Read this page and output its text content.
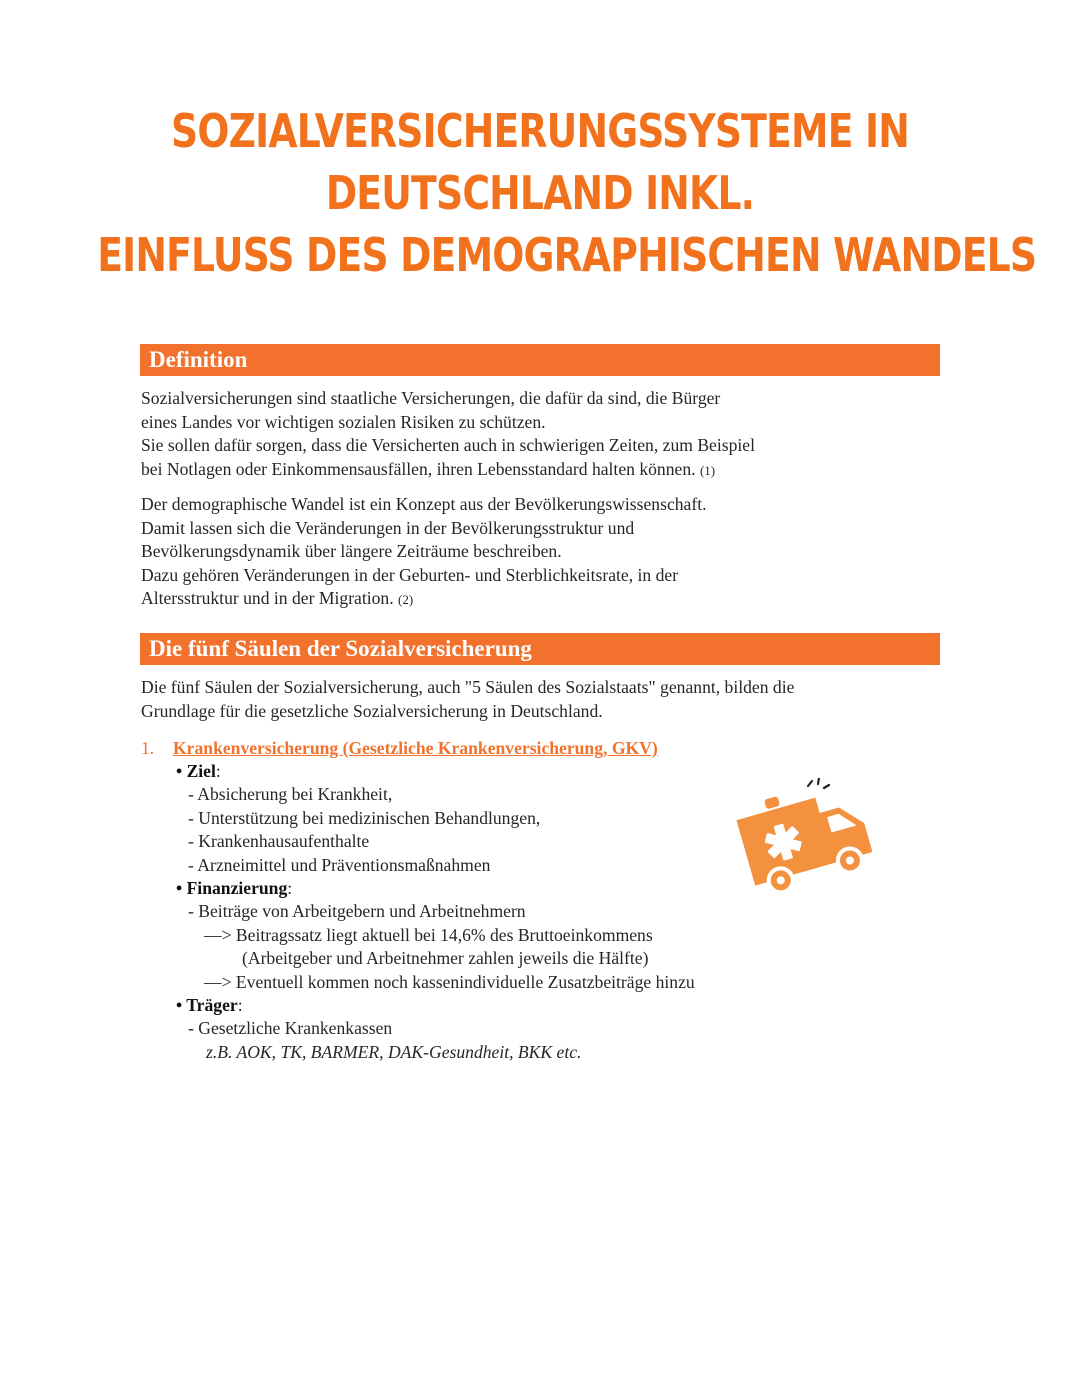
SOZIALVERSICHERUNGSSYSTEME IN
DEUTSCHLAND INKL.
EINFLUSS DES DEMOGRAPHISCHEN WANDELS
Definition
Sozialversicherungen sind staatliche Versicherungen, die dafür da sind, die Bürger
eines Landes vor wichtigen sozialen Risiken zu schützen.
Sie sollen dafür sorgen, dass die Versicherten auch in schwierigen Zeiten, zum Beispiel
bei Notlagen oder Einkommensausfällen, ihren Lebensstandard halten können. (1)
Der demographische Wandel ist ein Konzept aus der Bevölkerungswissenschaft.
Damit lassen sich die Veränderungen in der Bevölkerungsstruktur und
Bevölkerungsdynamik über längere Zeiträume beschreiben.
Dazu gehören Veränderungen in der Geburten- und Sterblichkeitsrate, in der
Altersstruktur und in der Migration. (2)
Die fünf Säulen der Sozialversicherung
Die fünf Säulen der Sozialversicherung, auch "5 Säulen des Sozialstaats" genannt, bilden die
Grundlage für die gesetzliche Sozialversicherung in Deutschland.
1. Krankenversicherung (Gesetzliche Krankenversicherung, GKV)
• Ziel:
- Absicherung bei Krankheit,
- Unterstützung bei medizinischen Behandlungen,
- Krankenhausaufenthalte
- Arzneimittel und Präventionsmaßnahmen
• Finanzierung:
- Beiträge von Arbeitgebern und Arbeitnehmern
—> Beitragssatz liegt aktuell bei 14,6% des Bruttoeinkommens
(Arbeitgeber und Arbeitnehmer zahlen jeweils die Hälfte)
—> Eventuell kommen noch kassenindividuelle Zusatzbeiträge hinzu
• Träger:
- Gesetzliche Krankenkassen
z.B. AOK, TK, BARMER, DAK-Gesundheit, BKK etc.
